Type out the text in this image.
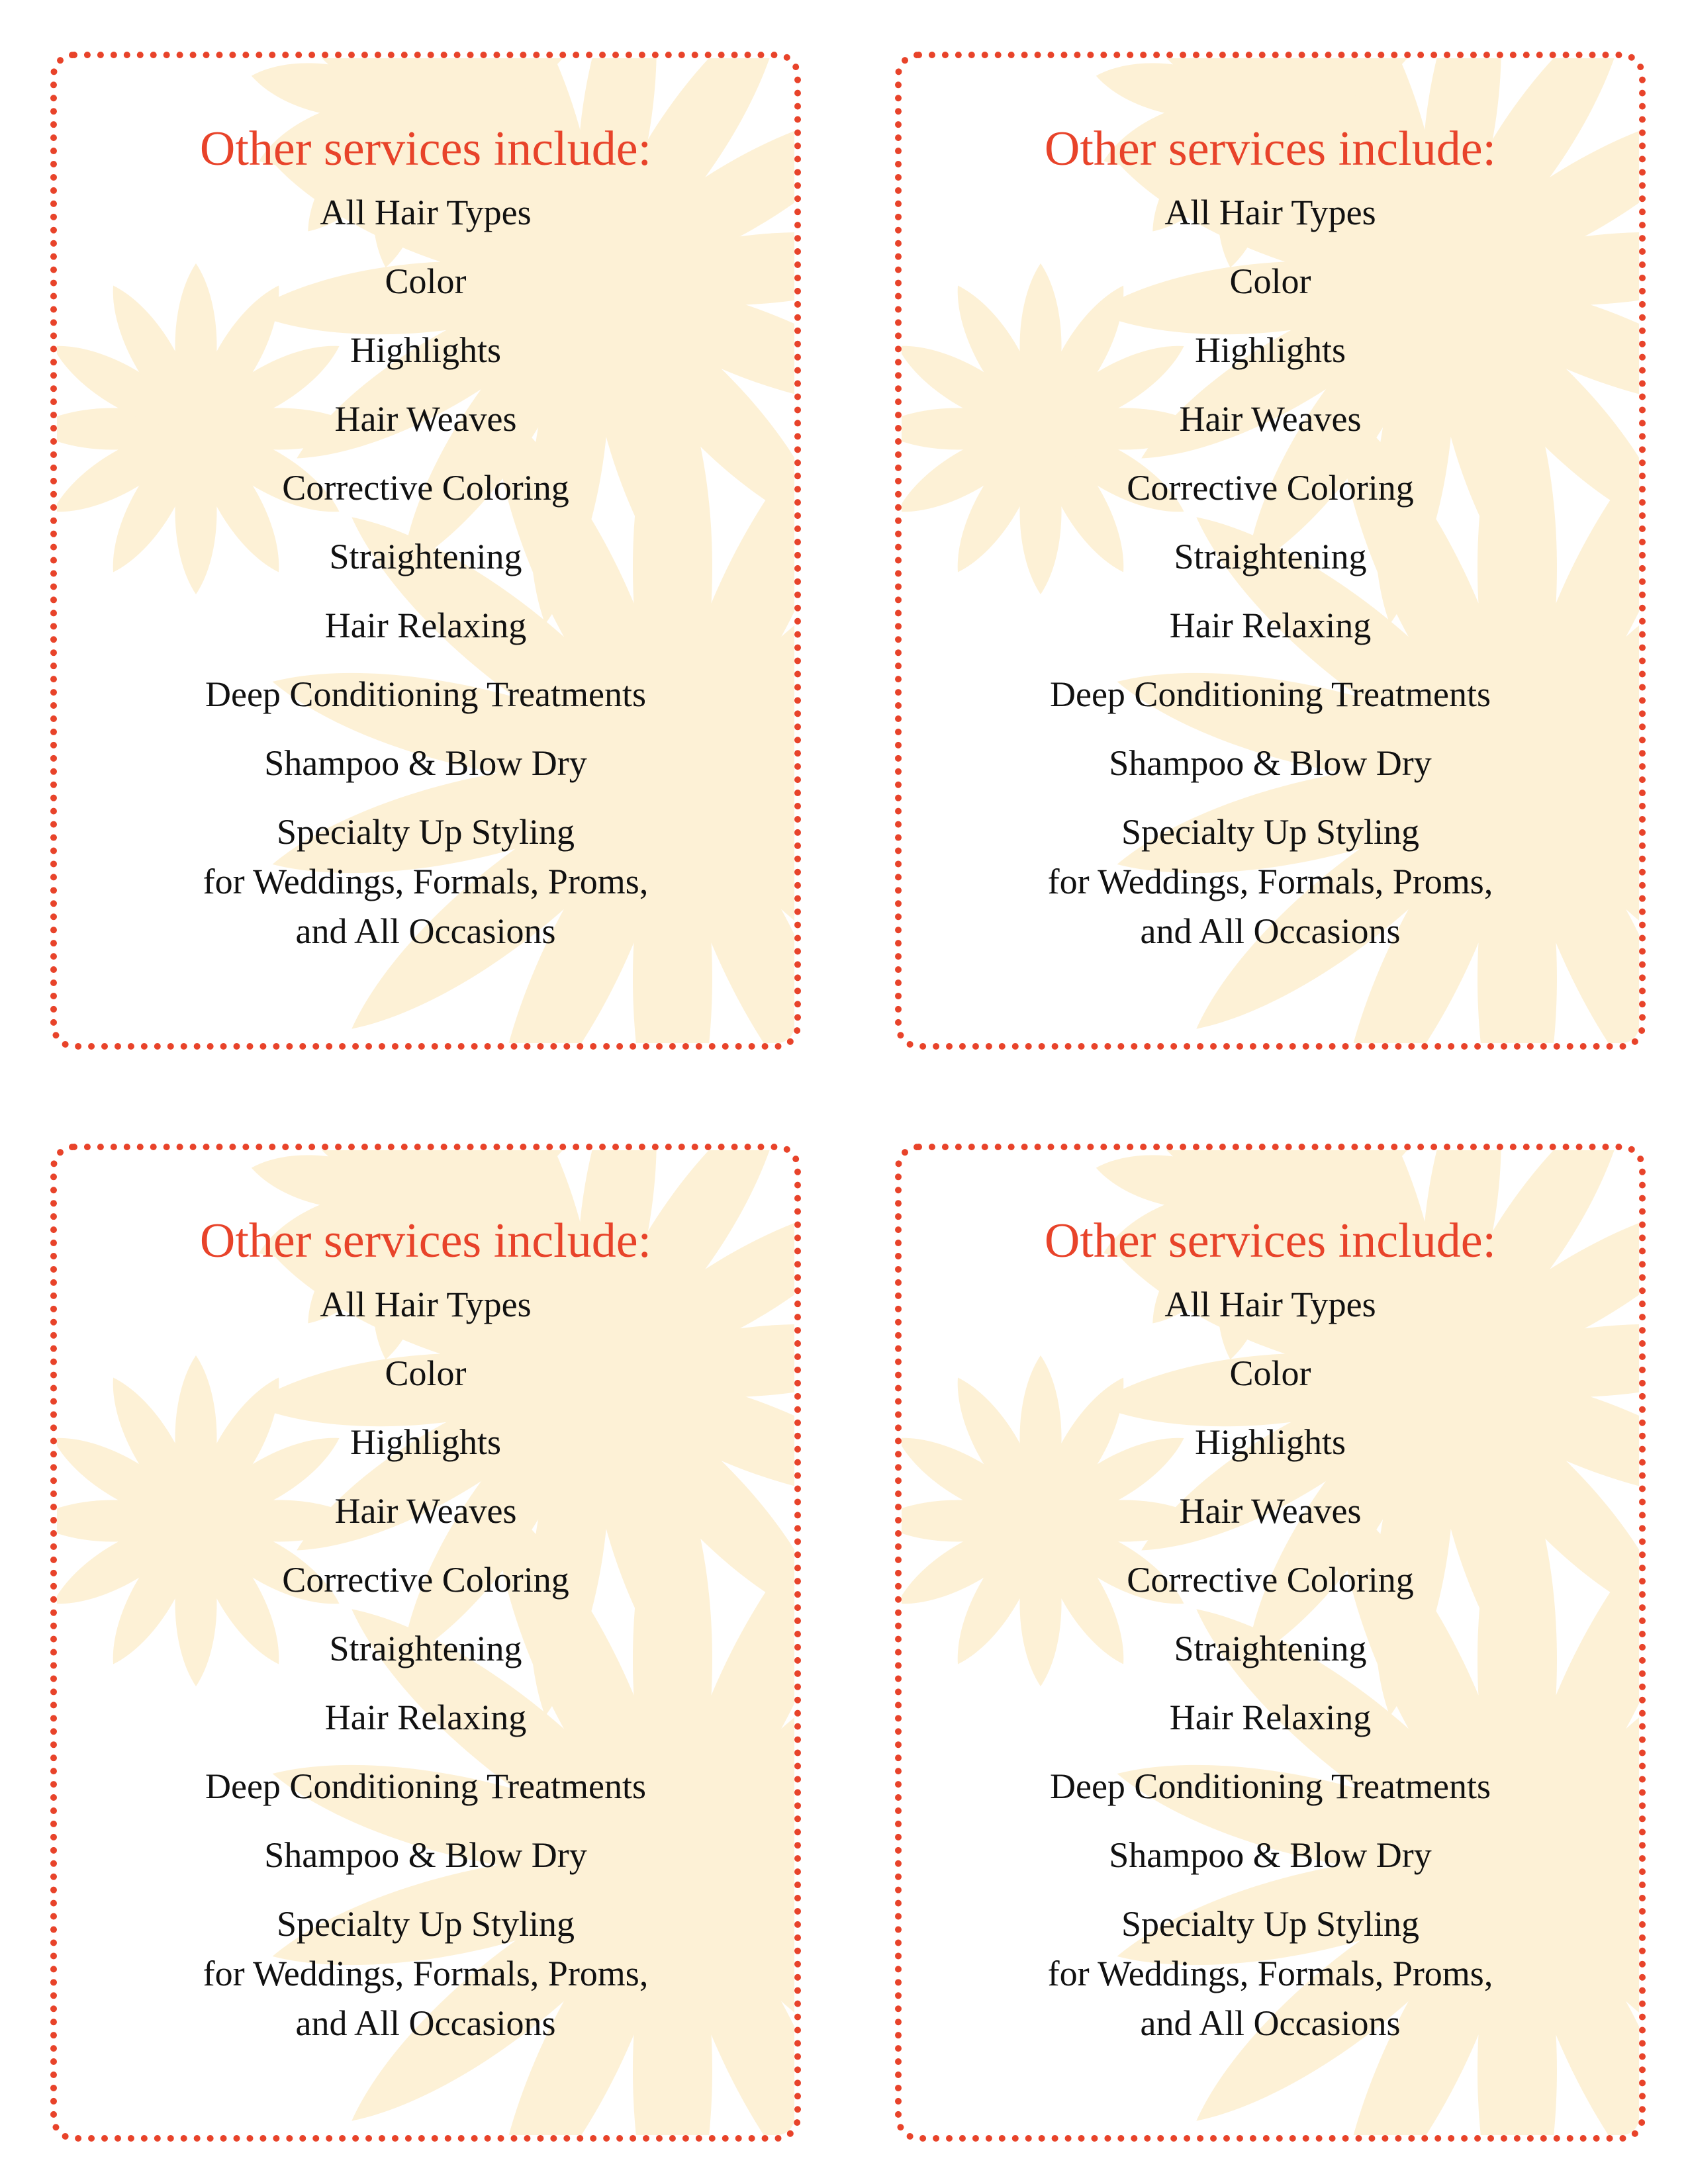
Other services include:
All Hair Types
Color
Highlights
Hair Weaves
Corrective Coloring
Straightening
Hair Relaxing
Deep Conditioning Treatments
Shampoo & Blow Dry
Specialty Up Styling
for Weddings, Formals, Proms,
and All Occasions
Other services include:
All Hair Types
Color
Highlights
Hair Weaves
Corrective Coloring
Straightening
Hair Relaxing
Deep Conditioning Treatments
Shampoo & Blow Dry
Specialty Up Styling
for Weddings, Formals, Proms,
and All Occasions
Other services include:
All Hair Types
Color
Highlights
Hair Weaves
Corrective Coloring
Straightening
Hair Relaxing
Deep Conditioning Treatments
Shampoo & Blow Dry
Specialty Up Styling
for Weddings, Formals, Proms,
and All Occasions
Other services include:
All Hair Types
Color
Highlights
Hair Weaves
Corrective Coloring
Straightening
Hair Relaxing
Deep Conditioning Treatments
Shampoo & Blow Dry
Specialty Up Styling
for Weddings, Formals, Proms,
and All Occasions
